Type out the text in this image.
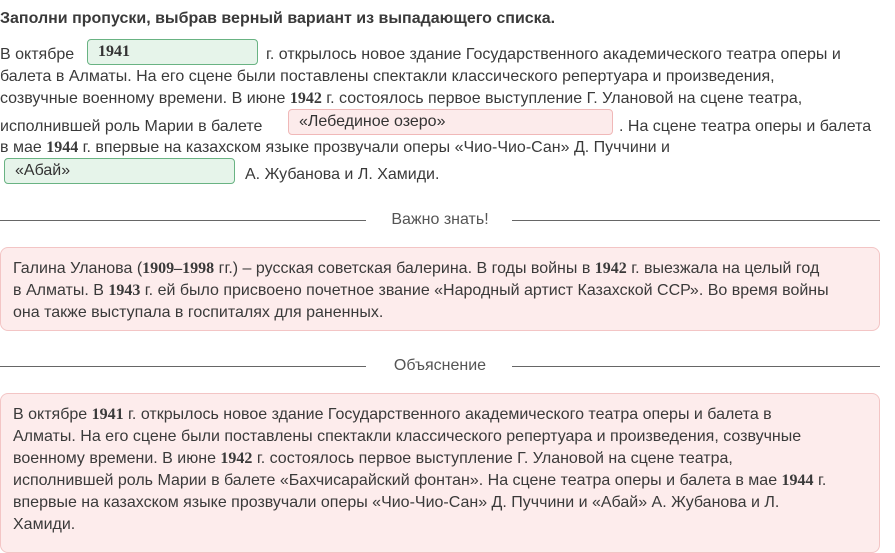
Заполни пропуски, выбрав верный вариант из выпадающего списка.
В октябре	1941	г. открылось новое здание Государственного академического театра оперы и
балета в Алматы. На его сцене были поставлены спектакли классического репертуара и произведения,
созвучные военному времени. В июне 1942 г. состоялось первое выступление Г. Улановой на сцене театра,
исполнившей роль Марии в балете	«Лебединое озеро»	. На сцене театра оперы и балета
в мае 1944 г. впервые на казахском языке прозвучали оперы «Чио-Чио-Сан» Д. Пуччини и
«Абай»	А. Жубанова и Л. Хамиди.
Важно знать!
Галина Уланова (1909–1998 гг.) – русская советская балерина. В годы войны в 1942 г. выезжала на целый год
в Алматы. В 1943 г. ей было присвоено почетное звание «Народный артист Казахской ССР». Во время войны
она также выступала в госпиталях для раненных.
Объяснение
В октябре 1941 г. открылось новое здание Государственного академического театра оперы и балета в
Алматы. На его сцене были поставлены спектакли классического репертуара и произведения, созвучные
военному времени. В июне 1942 г. состоялось первое выступление Г. Улановой на сцене театра,
исполнившей роль Марии в балете «Бахчисарайский фонтан». На сцене театра оперы и балета в мае 1944 г.
впервые на казахском языке прозвучали оперы «Чио-Чио-Сан» Д. Пуччини и «Абай» А. Жубанова и Л.
Хамиди.
